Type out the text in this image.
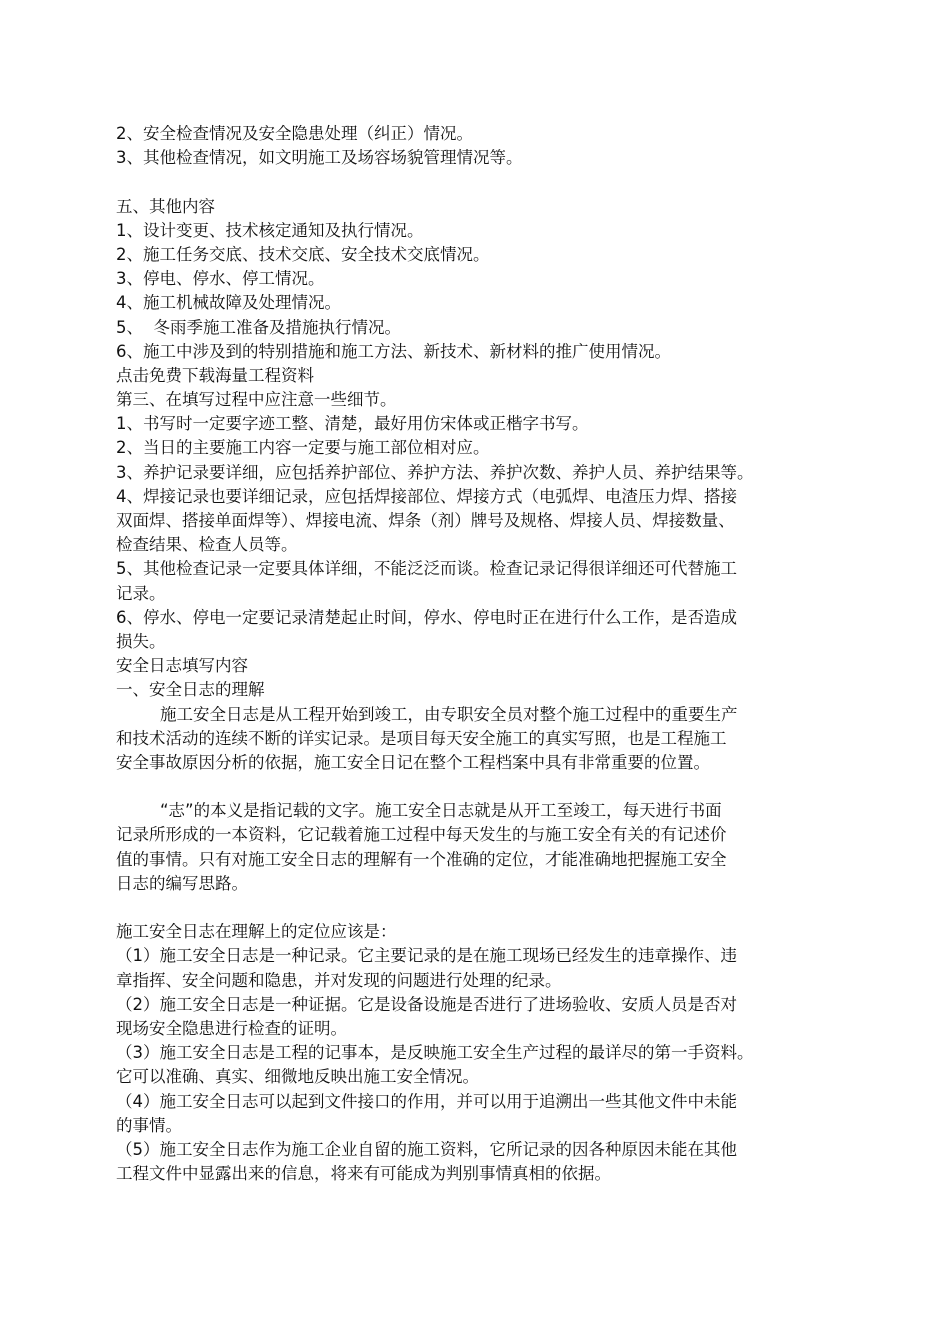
2、安全检查情况及安全隐患处理（纠正）情况。
3、其他检查情况，如文明施工及场容场貌管理情况等。
五、其他内容
1、设计变更、技术核定通知及执行情况。
2、施工任务交底、技术交底、安全技术交底情况。
3、停电、停水、停工情况。
4、施工机械故障及处理情况。
5、  冬雨季施工准备及措施执行情况。
6、施工中涉及到的特别措施和施工方法、新技术、新材料的推广使用情况。
点击免费下载海量工程资料
第三、在填写过程中应注意一些细节。
1、书写时一定要字迹工整、清楚，最好用仿宋体或正楷字书写。
2、当日的主要施工内容一定要与施工部位相对应。
3、养护记录要详细，应包括养护部位、养护方法、养护次数、养护人员、养护结果等。
4、焊接记录也要详细记录，应包括焊接部位、焊接方式（电弧焊、电渣压力焊、搭接
双面焊、搭接单面焊等）、焊接电流、焊条（剂）牌号及规格、焊接人员、焊接数量、
检查结果、检查人员等。
5、其他检查记录一定要具体详细，不能泛泛而谈。检查记录记得很详细还可代替施工
记录。
6、停水、停电一定要记录清楚起止时间，停水、停电时正在进行什么工作，是否造成
损失。
安全日志填写内容
一、安全日志的理解
施工安全日志是从工程开始到竣工，由专职安全员对整个施工过程中的重要生产
和技术活动的连续不断的详实记录。是项目每天安全施工的真实写照，也是工程施工
安全事故原因分析的依据，施工安全日记在整个工程档案中具有非常重要的位置。
“志”的本义是指记载的文字。施工安全日志就是从开工至竣工，每天进行书面
记录所形成的一本资料，它记载着施工过程中每天发生的与施工安全有关的有记述价
值的事情。只有对施工安全日志的理解有一个准确的定位，才能准确地把握施工安全
日志的编写思路。
施工安全日志在理解上的定位应该是：
（1）施工安全日志是一种记录。它主要记录的是在施工现场已经发生的违章操作、违
章指挥、安全问题和隐患，并对发现的问题进行处理的纪录。
（2）施工安全日志是一种证据。它是设备设施是否进行了进场验收、安质人员是否对
现场安全隐患进行检查的证明。
（3）施工安全日志是工程的记事本，是反映施工安全生产过程的最详尽的第一手资料。
它可以准确、真实、细微地反映出施工安全情况。
（4）施工安全日志可以起到文件接口的作用，并可以用于追溯出一些其他文件中未能
的事情。
（5）施工安全日志作为施工企业自留的施工资料，它所记录的因各种原因未能在其他
工程文件中显露出来的信息，将来有可能成为判别事情真相的依据。
